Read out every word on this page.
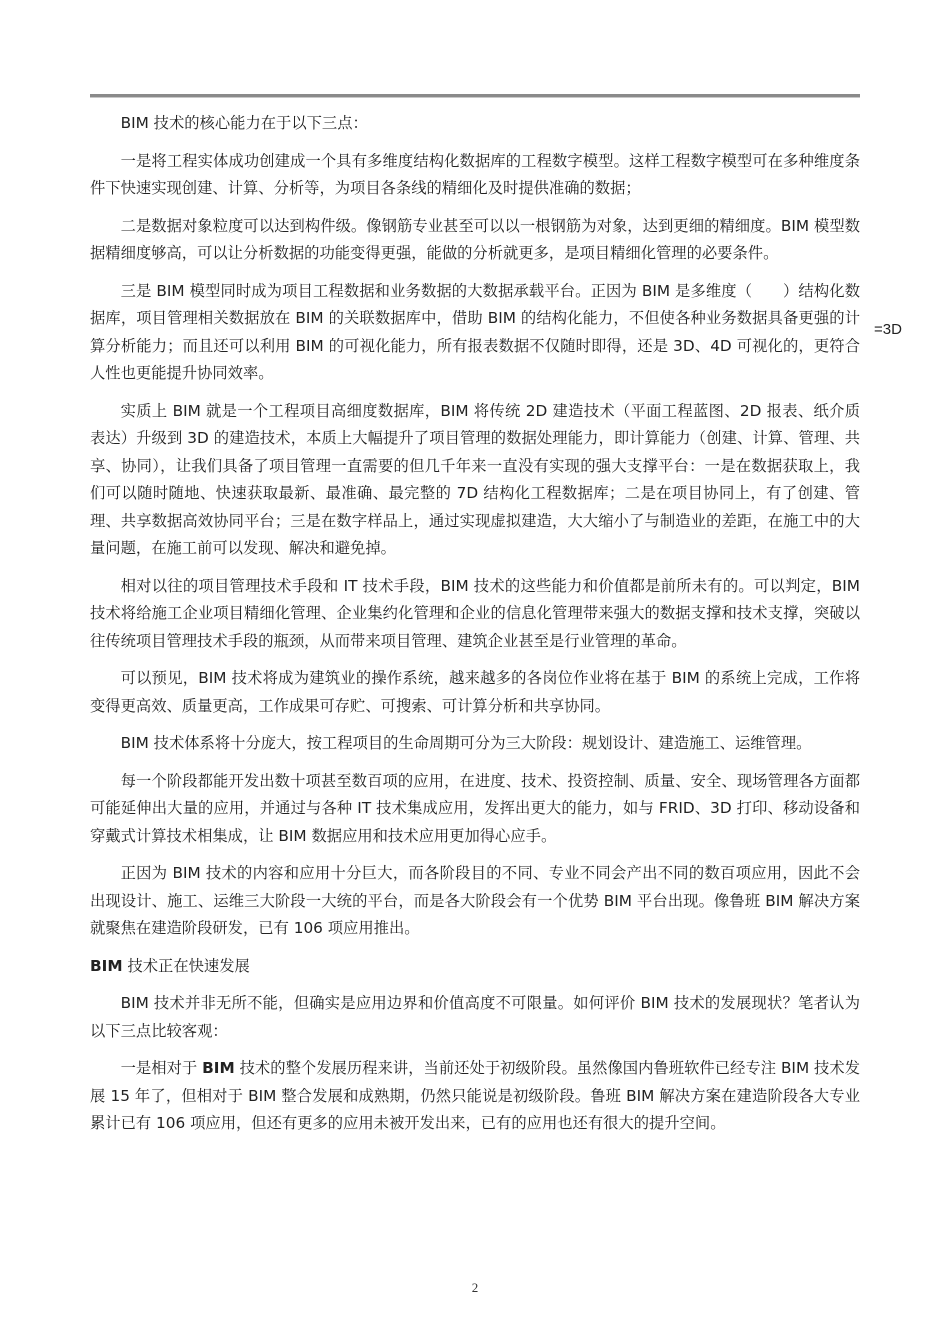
=3D

BIM 技术的核心能力在于以下三点：

一是将工程实体成功创建成一个具有多维度结构化数据库的工程数字模型。这样工程数字模型可在多种维度条件下快速实现创建、计算、分析等，为项目各条线的精细化及时提供准确的数据；

二是数据对象粒度可以达到构件级。像钢筋专业甚至可以以一根钢筋为对象，达到更细的精细度。BIM 模型数据精细度够高，可以让分析数据的功能变得更强，能做的分析就更多，是项目精细化管理的必要条件。

三是 BIM 模型同时成为项目工程数据和业务数据的大数据承载平台。正因为 BIM 是多维度（　　）结构化数据库，项目管理相关数据放在 BIM 的关联数据库中，借助 BIM 的结构化能力，不但使各种业务数据具备更强的计算分析能力；而且还可以利用 BIM 的可视化能力，所有报表数据不仅随时即得，还是 3D、4D 可视化的，更符合人性也更能提升协同效率。

实质上 BIM 就是一个工程项目高细度数据库，BIM 将传统 2D 建造技术（平面工程蓝图、2D 报表、纸介质表达）升级到 3D 的建造技术，本质上大幅提升了项目管理的数据处理能力，即计算能力（创建、计算、管理、共享、协同），让我们具备了项目管理一直需要的但几千年来一直没有实现的强大支撑平台：一是在数据获取上，我们可以随时随地、快速获取最新、最准确、最完整的 7D 结构化工程数据库；二是在项目协同上，有了创建、管理、共享数据高效协同平台；三是在数字样品上，通过实现虚拟建造，大大缩小了与制造业的差距，在施工中的大量问题，在施工前可以发现、解决和避免掉。

相对以往的项目管理技术手段和 IT 技术手段，BIM 技术的这些能力和价值都是前所未有的。可以判定，BIM 技术将给施工企业项目精细化管理、企业集约化管理和企业的信息化管理带来强大的数据支撑和技术支撑，突破以往传统项目管理技术手段的瓶颈，从而带来项目管理、建筑企业甚至是行业管理的革命。

可以预见，BIM 技术将成为建筑业的操作系统，越来越多的各岗位作业将在基于 BIM 的系统上完成，工作将变得更高效、质量更高，工作成果可存贮、可搜索、可计算分析和共享协同。

BIM 技术体系将十分庞大，按工程项目的生命周期可分为三大阶段：规划设计、建造施工、运维管理。

每一个阶段都能开发出数十项甚至数百项的应用，在进度、技术、投资控制、质量、安全、现场管理各方面都可能延伸出大量的应用，并通过与各种 IT 技术集成应用，发挥出更大的能力，如与 FRID、3D 打印、移动设备和穿戴式计算技术相集成，让 BIM 数据应用和技术应用更加得心应手。

正因为 BIM 技术的内容和应用十分巨大，而各阶段目的不同、专业不同会产出不同的数百项应用，因此不会出现设计、施工、运维三大阶段一大统的平台，而是各大阶段会有一个优势 BIM 平台出现。像鲁班 BIM 解决方案就聚焦在建造阶段研发，已有 106 项应用推出。

BIM 技术正在快速发展

BIM 技术并非无所不能，但确实是应用边界和价值高度不可限量。如何评价 BIM 技术的发展现状？笔者认为以下三点比较客观：

一是相对于 BIM 技术的整个发展历程来讲，当前还处于初级阶段。虽然像国内鲁班软件已经专注 BIM 技术发展 15 年了，但相对于 BIM 整合发展和成熟期，仍然只能说是初级阶段。鲁班 BIM 解决方案在建造阶段各大专业累计已有 106 项应用，但还有更多的应用未被开发出来，已有的应用也还有很大的提升空间。

2
